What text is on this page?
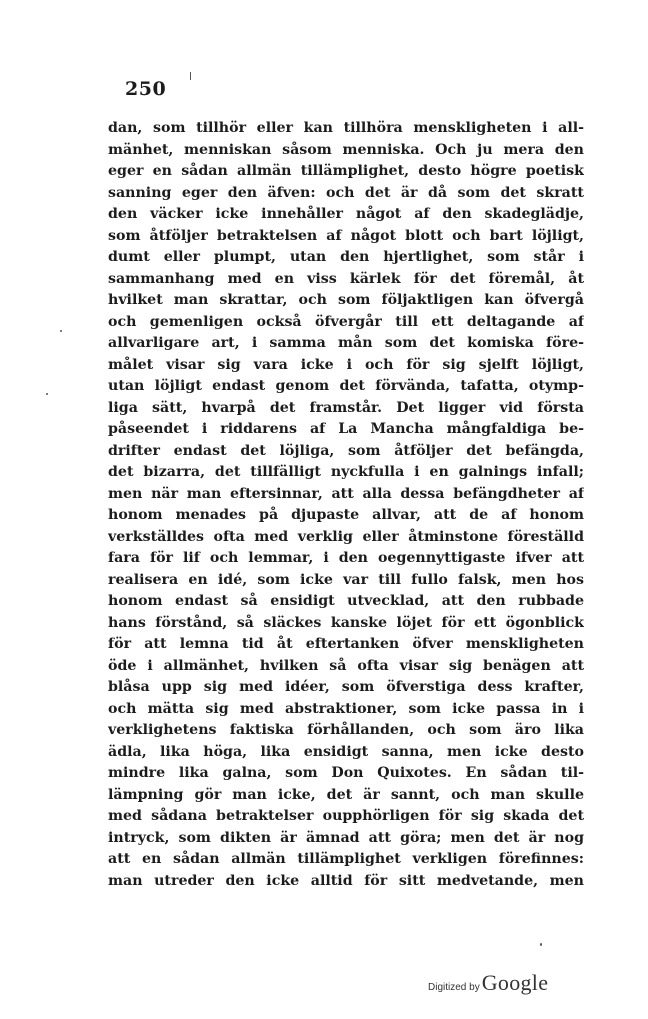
250
dan, som tillhör eller kan tillhöra menskligheten i all-
mänhet, menniskan såsom menniska. Och ju mera den
eger en sådan allmän tillämplighet, desto högre poetisk
sanning eger den äfven: och det är då som det skratt
den väcker icke innehåller något af den skadeglädje,
som åtföljer betraktelsen af något blott och bart löjligt,
dumt eller plumpt, utan den hjertlighet, som står i
sammanhang med en viss kärlek för det föremål, åt
hvilket man skrattar, och som följaktligen kan öfvergå
och gemenligen också öfvergår till ett deltagande af
allvarligare art, i samma mån som det komiska före-
målet visar sig vara icke i och för sig sjelft löjligt,
utan löjligt endast genom det förvända, tafatta, otymp-
liga sätt, hvarpå det framstår. Det ligger vid första
påseendet i riddarens af La Mancha mångfaldiga be-
drifter endast det löjliga, som åtföljer det befängda,
det bizarra, det tillfälligt nyckfulla i en galnings infall;
men när man eftersinnar, att alla dessa befängdheter af
honom menades på djupaste allvar, att de af honom
verkställdes ofta med verklig eller åtminstone föreställd
fara för lif och lemmar, i den oegennyttigaste ifver att
realisera en idé, som icke var till fullo falsk, men hos
honom endast så ensidigt utvecklad, att den rubbade
hans förstånd, så släckes kanske löjet för ett ögonblick
för att lemna tid åt eftertanken öfver menskligheten
öde i allmänhet, hvilken så ofta visar sig benägen att
blåsa upp sig med idéer, som öfverstiga dess krafter,
och mätta sig med abstraktioner, som icke passa in i
verklighetens faktiska förhållanden, och som äro lika
ädla, lika höga, lika ensidigt sanna, men icke desto
mindre lika galna, som Don Quixotes. En sådan til-
lämpning gör man icke, det är sannt, och man skulle
med sådana betraktelser oupphörligen för sig skada det
intryck, som dikten är ämnad att göra; men det är nog
att en sådan allmän tillämplighet verkligen förefinnes:
man utreder den icke alltid för sitt medvetande, men
Digitized by Google
